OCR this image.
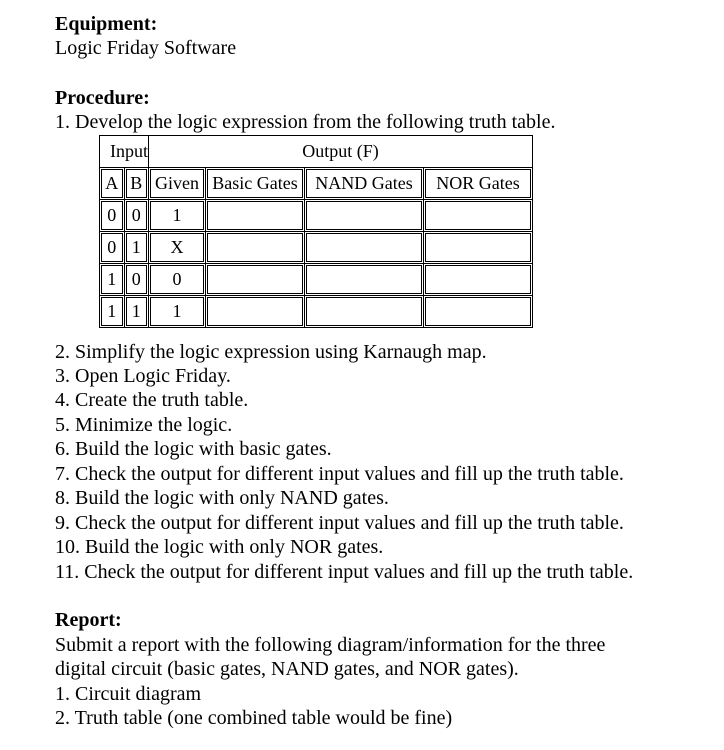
Equipment:
Logic Friday Software
Procedure:
1. Develop the logic expression from the following truth table.
Input		Output (F)			
A	B	Given	Basic Gates	NAND Gates	NOR Gates
0	0	1			
0	1	X			
1	0	0			
1	1	1			
2. Simplify the logic expression using Karnaugh map.
3. Open Logic Friday.
4. Create the truth table.
5. Minimize the logic.
6. Build the logic with basic gates.
7. Check the output for different input values and fill up the truth table.
8. Build the logic with only NAND gates.
9. Check the output for different input values and fill up the truth table.
10. Build the logic with only NOR gates.
11. Check the output for different input values and fill up the truth table.
Report:
Submit a report with the following diagram/information for the three
digital circuit (basic gates, NAND gates, and NOR gates).
1. Circuit diagram
2. Truth table (one combined table would be fine)
